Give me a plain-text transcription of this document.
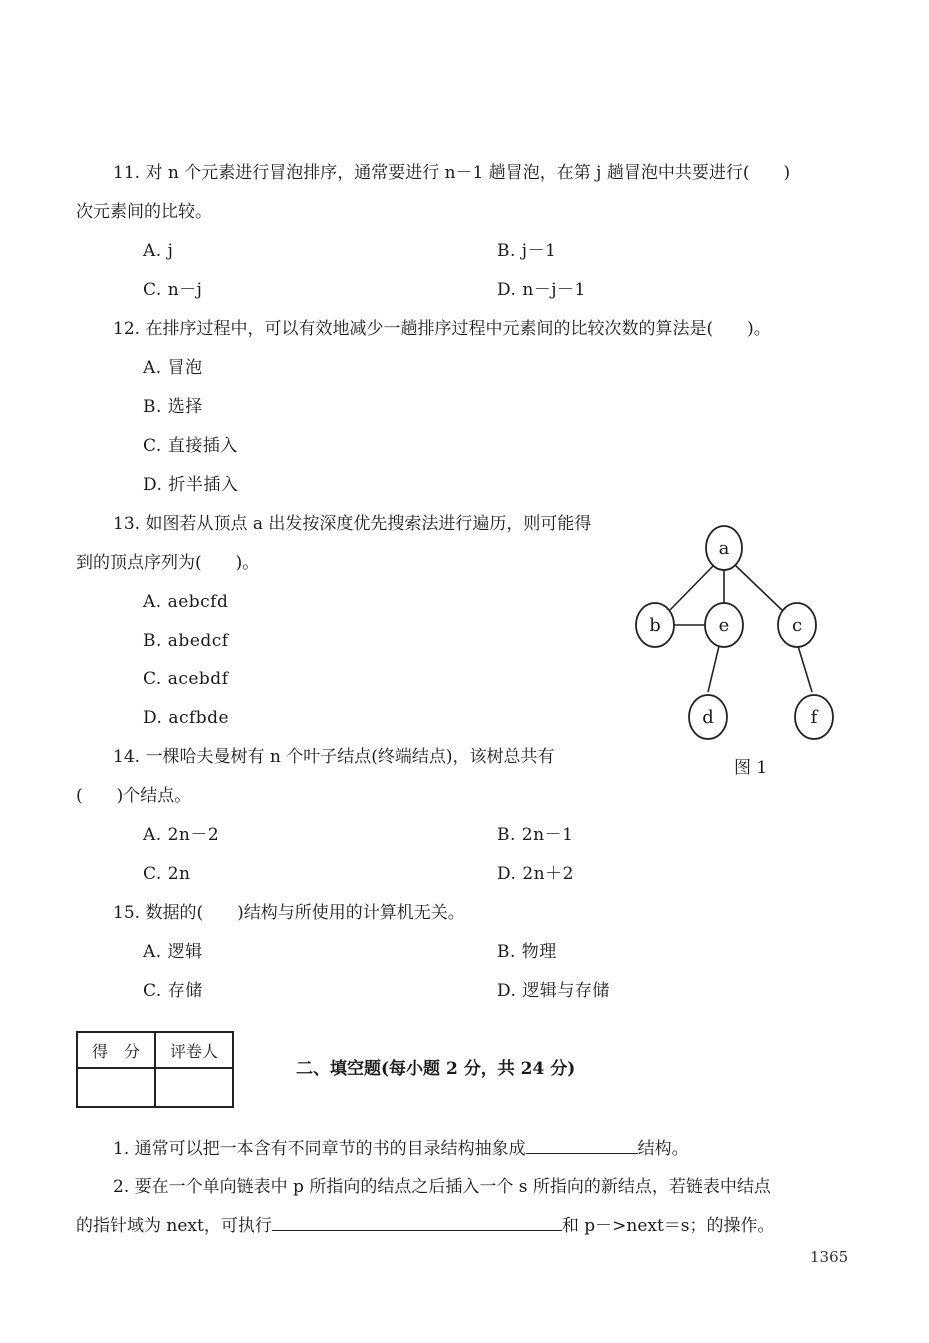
11. 对 n 个元素进行冒泡排序，通常要进行 n－1 趟冒泡，在第 j 趟冒泡中共要进行(　　)
次元素间的比较。
A. j	B. j－1
C. n－j	D. n－j－1
12. 在排序过程中，可以有效地减少一趟排序过程中元素间的比较次数的算法是(　　)。
A. 冒泡
B. 选择
C. 直接插入
D. 折半插入
13. 如图若从顶点 a 出发按深度优先搜索法进行遍历，则可能得
到的顶点序列为(　　)。
A. aebcfd
B. abedcf
C. acebdf
D. acfbde
a
b	e	c
d	f
图 1
14. 一棵哈夫曼树有 n 个叶子结点(终端结点)，该树总共有
(　　)个结点。
A. 2n－2	B. 2n－1
C. 2n	D. 2n＋2
15. 数据的(　　)结构与所使用的计算机无关。
A. 逻辑	B. 物理
C. 存储	D. 逻辑与存储
得　分	评卷人

二、填空题(每小题 2 分，共 24 分)
1. 通常可以把一本含有不同章节的书的目录结构抽象成	结构。
2. 要在一个单向链表中 p 所指向的结点之后插入一个 s 所指向的新结点，若链表中结点
的指针域为 next，可执行	和 p－>next＝s；的操作。
1365
